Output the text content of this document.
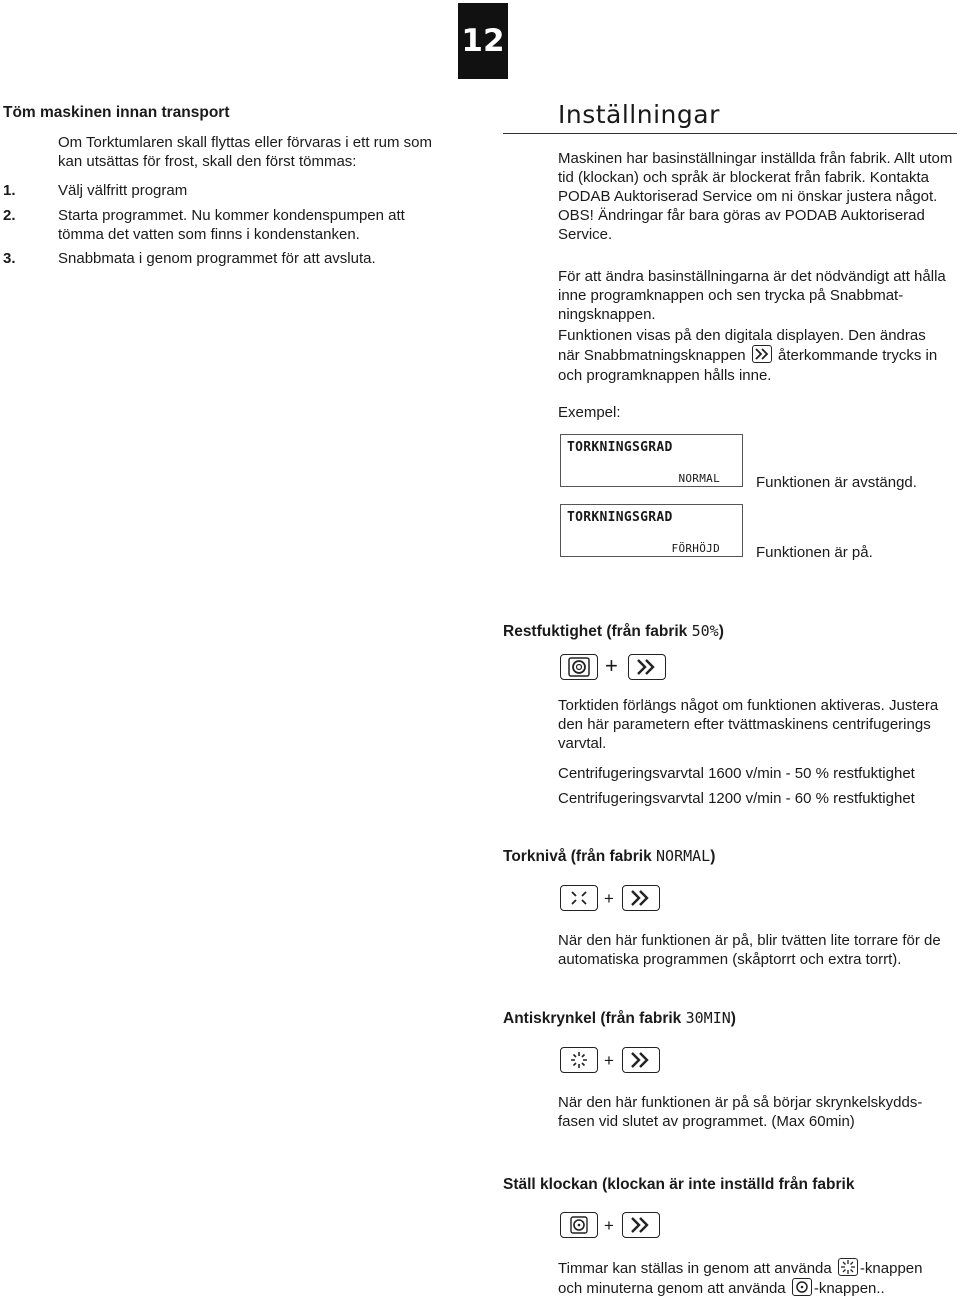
12
Töm maskinen innan transport
Om Torktumlaren skall flyttas eller förvaras i ett rum som kan utsättas för frost, skall den först tömmas:
1.	Välj välfritt program
2.	Starta programmet. Nu kommer kondenspumpen att tömma det vatten som finns i kondenstanken.
3.	Snabbmata i genom programmet för att avsluta.
Inställningar
Maskinen har basinställningar inställda från fabrik. Allt utom tid (klockan) och språk är blockerat från fabrik. Kontakta PODAB Auktoriserad Service om ni önskar justera något. OBS! Ändringar får bara göras av PODAB Auktoriserad Service.
För att ändra basinställningarna är det nödvändigt att hålla inne programknappen och sen trycka på Snabbmat-ningsknappen.
Funktionen visas på den digitala displayen. Den ändras
när Snabbmatningsknappen återkommande trycks in
och programknappen hålls inne.
Exempel:
TORKNINGSGRAD
NORMAL Funktionen är avstängd.
TORKNINGSGRAD
FÖRHÖJD Funktionen är på.
Restfuktighet (från fabrik 50%)
+
Torktiden förlängs något om funktionen aktiveras. Justera den här parametern efter tvättmaskinens centrifugerings varvtal.
Centrifugeringsvarvtal 1600 v/min - 50 % restfuktighet
Centrifugeringsvarvtal 1200 v/min - 60 % restfuktighet
Torknivå (från fabrik NORMAL)
+
När den här funktionen är på, blir tvätten lite torrare för de automatiska programmen (skåptorrt och extra torrt).
Antiskrynkel (från fabrik 30MIN)
+
När den här funktionen är på så börjar skrynkelskydds-fasen vid slutet av programmet. (Max 60min)
Ställ klockan (klockan är inte inställd från fabrik
+
Timmar kan ställas in genom att använda -knappen
och minuterna genom att använda -knappen..
